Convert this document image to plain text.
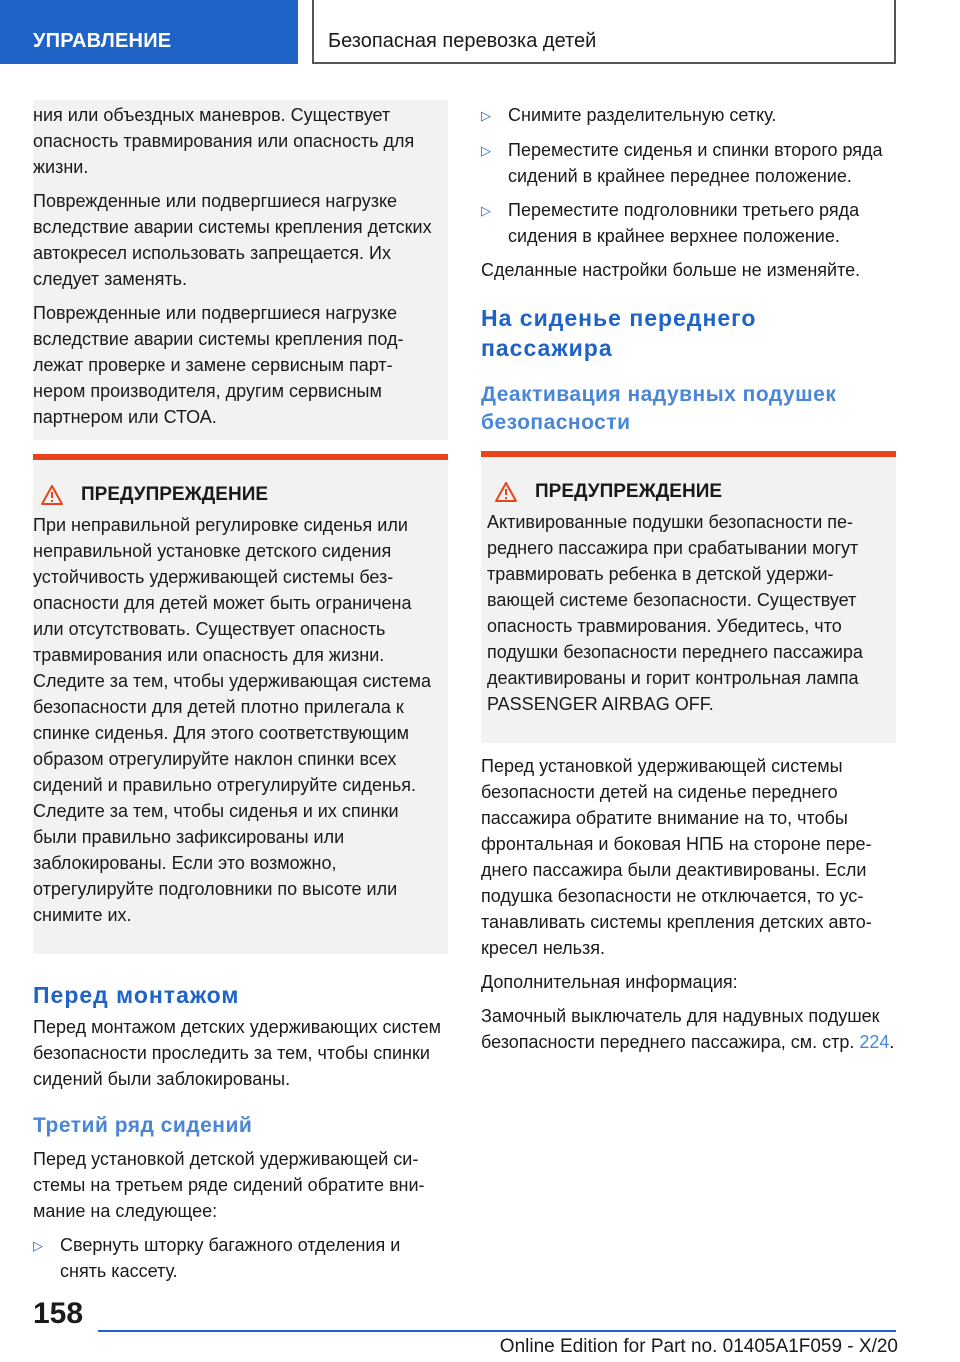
УПРАВЛЕНИЕ	Безопасная перевозка детей

ния или объездных маневров. Существует опасность травмирования или опасность для жизни.

Поврежденные или подвергшиеся нагрузке вследствие аварии системы крепления детских автокресел использовать запрещается. Их следует заменять.

Поврежденные или подвергшиеся нагрузке вследствие аварии системы крепления подлежат проверке и замене сервисным партнером производителя, другим сервисным партнером или СТОА.

ПРЕДУПРЕЖДЕНИЕ
При неправильной регулировке сиденья или неправильной установке детского сидения устойчивость удерживающей системы безопасности для детей может быть ограничена или отсутствовать. Существует опасность травмирования или опасность для жизни. Следите за тем, чтобы удерживающая система безопасности для детей плотно прилегала к спинке сиденья. Для этого соответствующим образом отрегулируйте наклон спинки всех сидений и правильно отрегулируйте сиденья. Следите за тем, чтобы сиденья и их спинки были правильно зафиксированы или заблокированы. Если это возможно, отрегулируйте подголовники по высоте или снимите их.
Перед монтажом

Перед монтажом детских удерживающих систем безопасности проследить за тем, чтобы спинки сидений были заблокированы.

Третий ряд сидений

Перед установкой детской удерживающей системы на третьем ряде сидений обратите внимание на следующее:

▷ Свернуть шторку багажного отделения и снять кассету.
▷ Снимите разделительную сетку.
▷ Переместите сиденья и спинки второго ряда сидений в крайнее переднее положение.
▷ Переместите подголовники третьего ряда сидения в крайнее верхнее положение.

Сделанные настройки больше не изменяйте.

На сиденье переднего пассажира
Деактивация надувных подушек безопасности
ПРЕДУПРЕЖДЕНИЕ
Активированные подушки безопасности переднего пассажира при срабатывании могут травмировать ребенка в детской удерживающей системе безопасности. Существует опасность травмирования. Убедитесь, что подушки безопасности переднего пассажира деактивированы и горит контрольная лампа PASSENGER AIRBAG OFF.

Перед установкой удерживающей системы безопасности детей на сиденье переднего пассажира обратите внимание на то, чтобы фронтальная и боковая НПБ на стороне переднего пассажира были деактивированы. Если подушка безопасности не отключается, то устанавливать системы крепления детских автокресел нельзя.

Дополнительная информация:

Замочный выключатель для надувных подушек безопасности переднего пассажира, см. стр. 224.

158
Online Edition for Part no. 01405A1F059 - X/20
